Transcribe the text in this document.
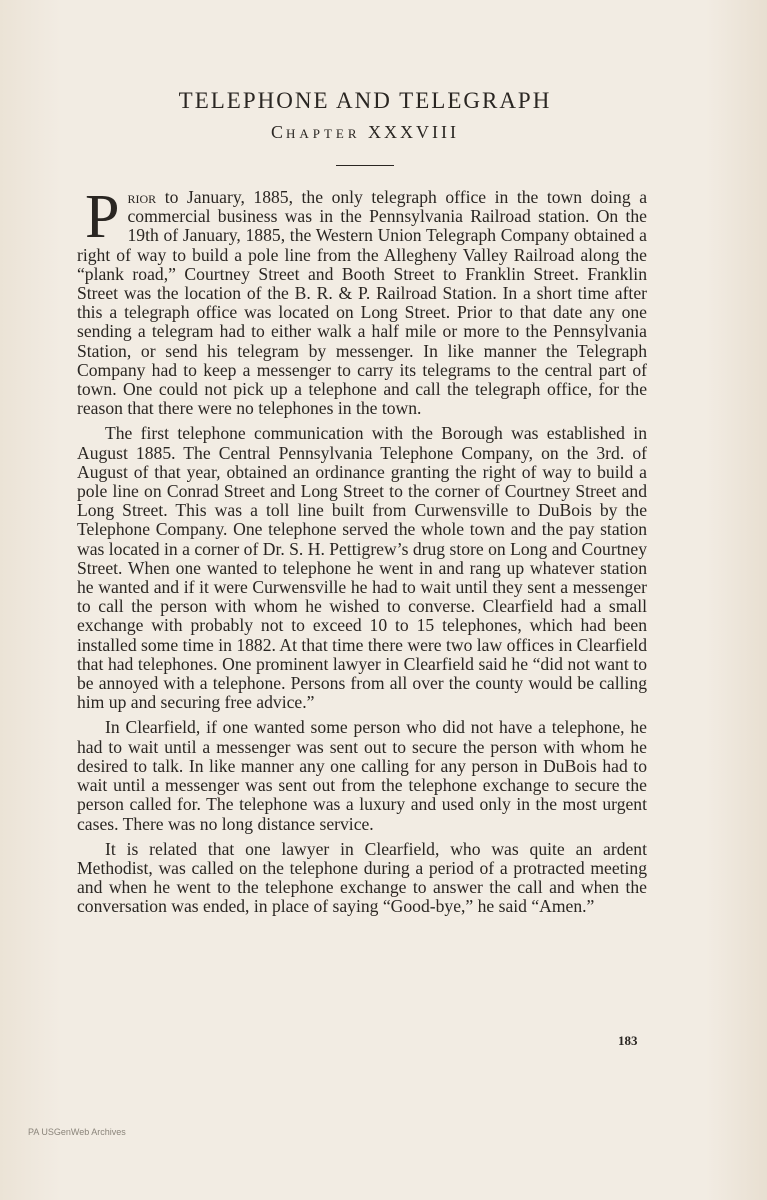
TELEPHONE AND TELEGRAPH
CHAPTER XXXVIII

Prior to January, 1885, the only telegraph office in the town doing a commercial business was in the Pennsylvania Railroad station. On the 19th of January, 1885, the Western Union Telegraph Company obtained a right of way to build a pole line from the Allegheny Valley Railroad along the “plank road,” Courtney Street and Booth Street to Franklin Street. Franklin Street was the location of the B. R. & P. Railroad Station. In a short time after this a telegraph office was located on Long Street. Prior to that date any one sending a telegram had to either walk a half mile or more to the Pennsylvania Station, or send his telegram by messenger. In like manner the Telegraph Company had to keep a messenger to carry its telegrams to the central part of town. One could not pick up a telephone and call the telegraph office, for the reason that there were no telephones in the town.

The first telephone communication with the Borough was established in August 1885. The Central Pennsylvania Telephone Company, on the 3rd. of August of that year, obtained an ordinance granting the right of way to build a pole line on Conrad Street and Long Street to the corner of Courtney Street and Long Street. This was a toll line built from Curwensville to DuBois by the Telephone Company. One telephone served the whole town and the pay station was located in a corner of Dr. S. H. Pettigrew’s drug store on Long and Courtney Street. When one wanted to telephone he went in and rang up whatever station he wanted and if it were Curwensville he had to wait until they sent a messenger to call the person with whom he wished to converse. Clearfield had a small exchange with probably not to exceed 10 to 15 telephones, which had been installed some time in 1882. At that time there were two law offices in Clearfield that had telephones. One prominent lawyer in Clearfield said he “did not want to be annoyed with a telephone. Persons from all over the county would be calling him up and securing free advice.”

In Clearfield, if one wanted some person who did not have a telephone, he had to wait until a messenger was sent out to secure the person with whom he desired to talk. In like manner any one calling for any person in DuBois had to wait until a messenger was sent out from the telephone exchange to secure the person called for. The telephone was a luxury and used only in the most urgent cases. There was no long distance service.

It is related that one lawyer in Clearfield, who was quite an ardent Methodist, was called on the telephone during a period of a protracted meeting and when he went to the telephone exchange to answer the call and when the conversation was ended, in place of saying “Good-bye,” he said “Amen.”

183
PA USGenWeb Archives
